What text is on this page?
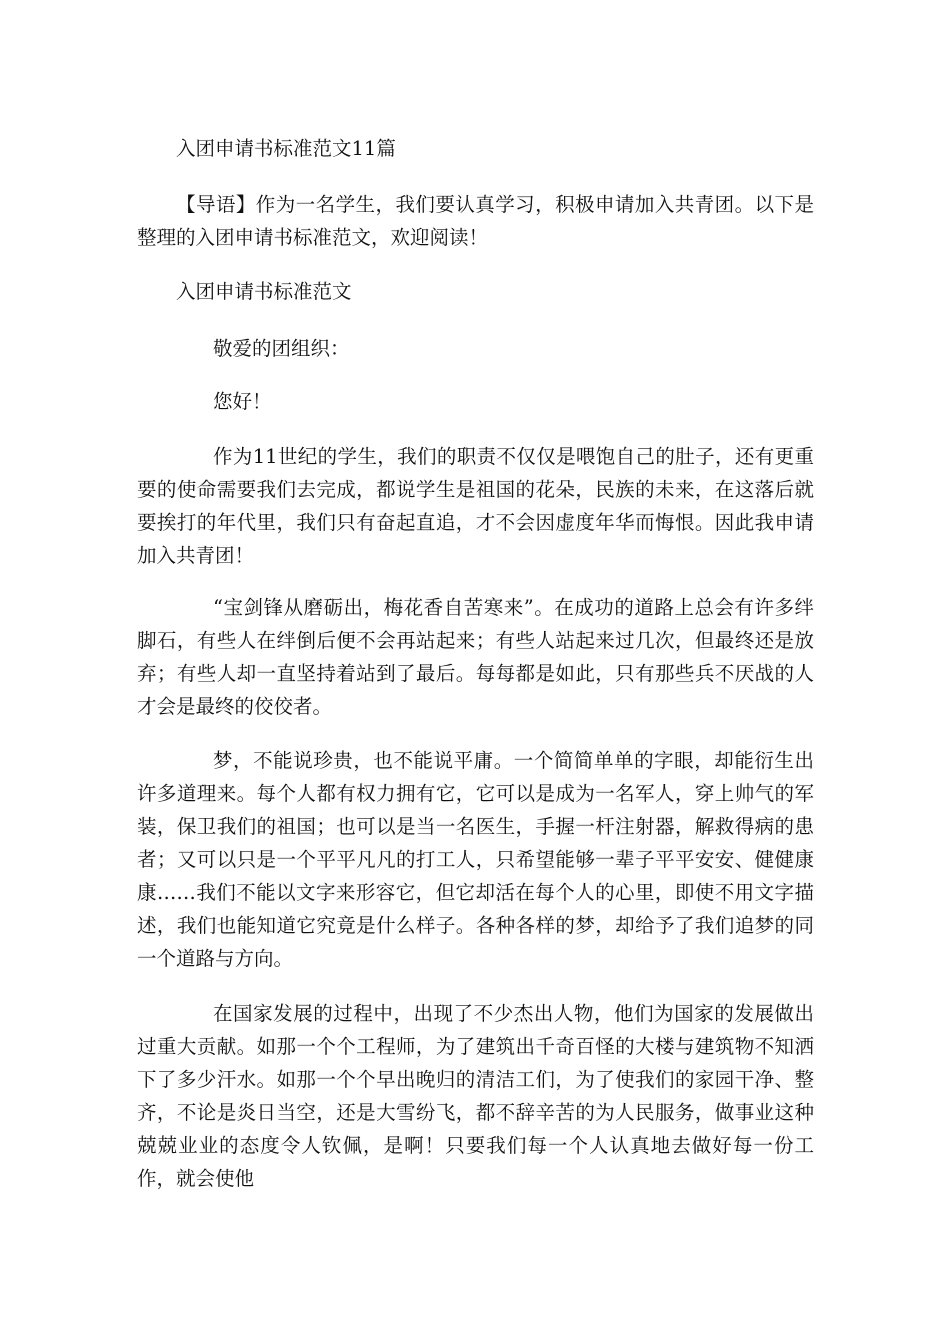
入团申请书标准范文11篇
【导语】作为一名学生，我们要认真学习，积极申请加入共青团。以下是整理的入团申请书标准范文，欢迎阅读！
入团申请书标准范文
敬爱的团组织：
您好！
作为11世纪的学生，我们的职责不仅仅是喂饱自己的肚子，还有更重要的使命需要我们去完成，都说学生是祖国的花朵，民族的未来，在这落后就要挨打的年代里，我们只有奋起直追，才不会因虚度年华而悔恨。因此我申请加入共青团！
“宝剑锋从磨砺出，梅花香自苦寒来”。在成功的道路上总会有许多绊脚石，有些人在绊倒后便不会再站起来；有些人站起来过几次，但最终还是放弃；有些人却一直坚持着站到了最后。每每都是如此，只有那些兵不厌战的人才会是最终的佼佼者。
梦，不能说珍贵，也不能说平庸。一个简简单单的字眼，却能衍生出许多道理来。每个人都有权力拥有它，它可以是成为一名军人，穿上帅气的军装，保卫我们的祖国；也可以是当一名医生，手握一杆注射器，解救得病的患者；又可以只是一个平平凡凡的打工人，只希望能够一辈子平平安安、健健康康……我们不能以文字来形容它，但它却活在每个人的心里，即使不用文字描述，我们也能知道它究竟是什么样子。各种各样的梦，却给予了我们追梦的同一个道路与方向。
在国家发展的过程中，出现了不少杰出人物，他们为国家的发展做出过重大贡献。如那一个个工程师，为了建筑出千奇百怪的大楼与建筑物不知洒下了多少汗水。如那一个个早出晚归的清洁工们，为了使我们的家园干净、整齐，不论是炎日当空，还是大雪纷飞，都不辞辛苦的为人民服务，做事业这种兢兢业业的态度令人钦佩，是啊！只要我们每一个人认真地去做好每一份工作，就会使他
